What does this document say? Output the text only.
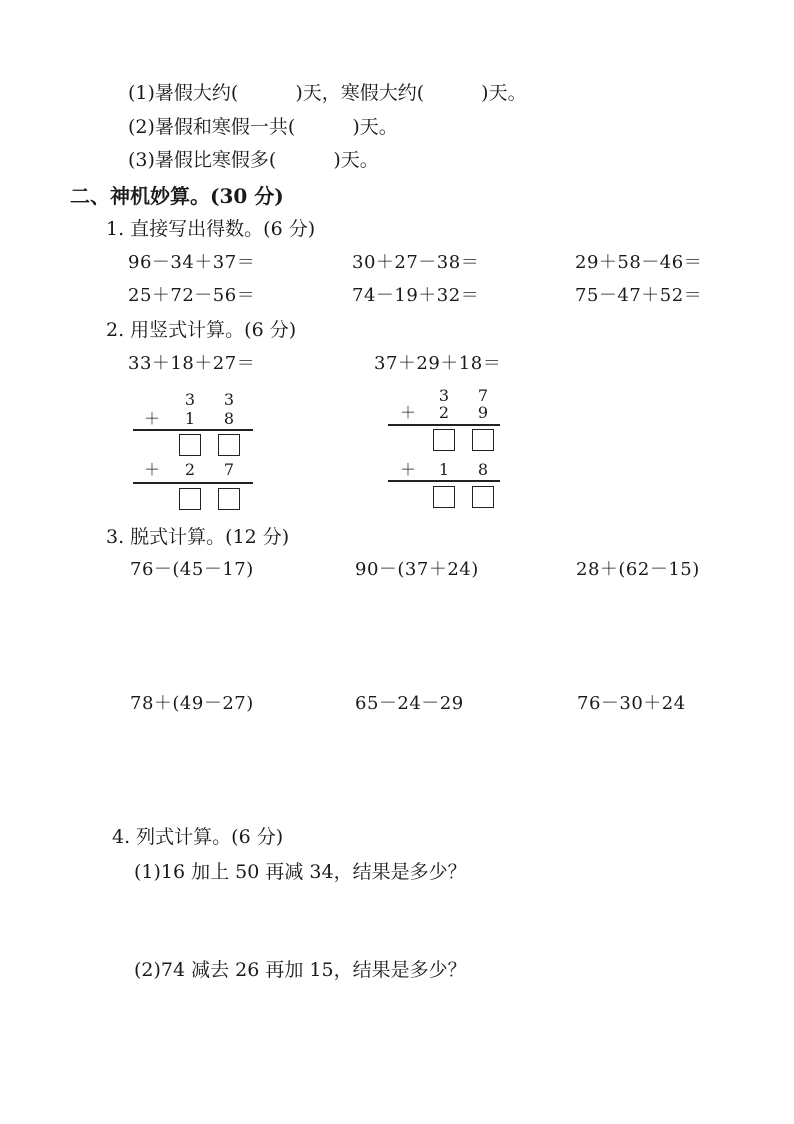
(1)暑假大约(　　　)天，寒假大约(　　　)天。
(2)暑假和寒假一共(　　　)天。
(3)暑假比寒假多(　　　)天。
二、神机妙算。(30 分)
1. 直接写出得数。(6 分)
96－34＋37＝	30＋27－38＝	29＋58－46＝
25＋72－56＝	74－19＋32＝	75－47＋52＝
2. 用竖式计算。(6 分)
33＋18＋27＝	37＋29＋18＝
3 3
＋ 1 8
＋ 2 7
3 7
＋ 2 9
＋ 1 8
3. 脱式计算。(12 分)
76－(45－17)	90－(37＋24)	28＋(62－15)
78＋(49－27)	65－24－29	76－30＋24
4. 列式计算。(6 分)
(1)16 加上 50 再减 34，结果是多少？
(2)74 减去 26 再加 15，结果是多少？
